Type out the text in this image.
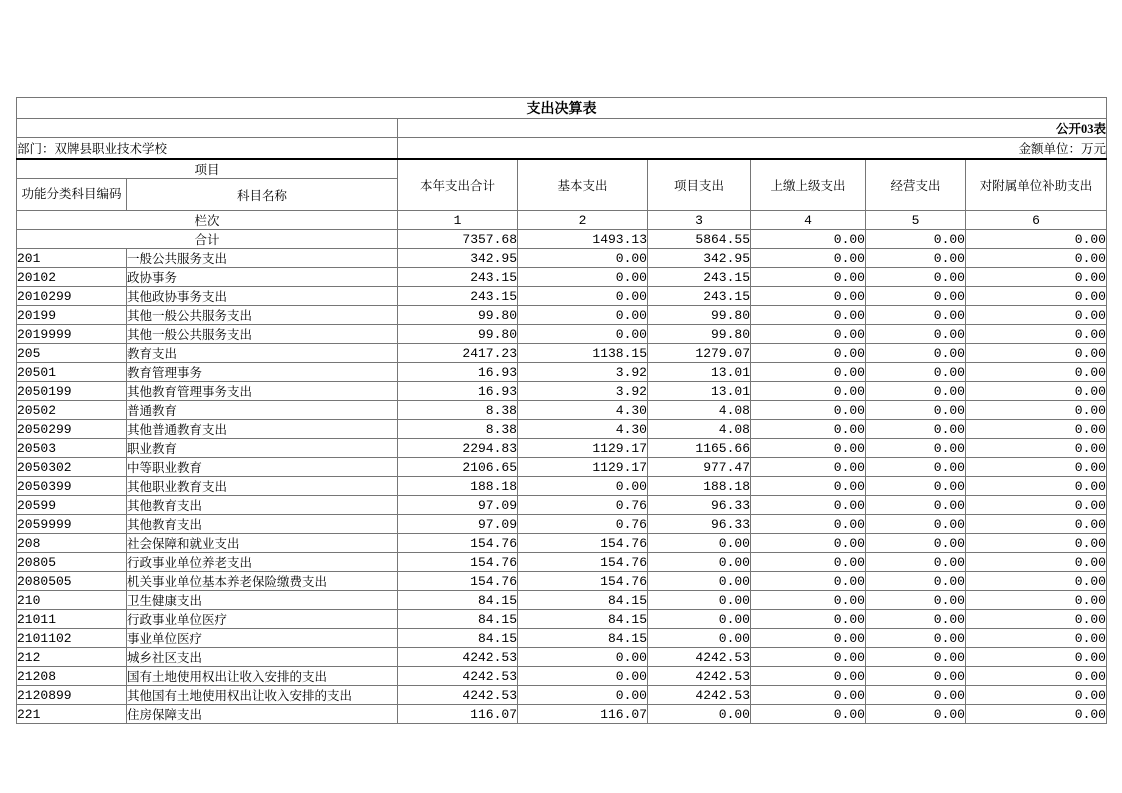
支出决算表							
		公开03表					
部门：双牌县职业技术学校		金额单位：万元					
项目		本年支出合计	基本支出	项目支出	上缴上级支出	经营支出	对附属单位补助支出
功能分类科目编码	科目名称						
栏次		1	2	3	4	5	6
合计		7357.68	1493.13	5864.55	0.00	0.00	0.00
201	一般公共服务支出	342.95	0.00	342.95	0.00	0.00	0.00
20102	政协事务	243.15	0.00	243.15	0.00	0.00	0.00
2010299	其他政协事务支出	243.15	0.00	243.15	0.00	0.00	0.00
20199	其他一般公共服务支出	99.80	0.00	99.80	0.00	0.00	0.00
2019999	其他一般公共服务支出	99.80	0.00	99.80	0.00	0.00	0.00
205	教育支出	2417.23	1138.15	1279.07	0.00	0.00	0.00
20501	教育管理事务	16.93	3.92	13.01	0.00	0.00	0.00
2050199	其他教育管理事务支出	16.93	3.92	13.01	0.00	0.00	0.00
20502	普通教育	8.38	4.30	4.08	0.00	0.00	0.00
2050299	其他普通教育支出	8.38	4.30	4.08	0.00	0.00	0.00
20503	职业教育	2294.83	1129.17	1165.66	0.00	0.00	0.00
2050302	中等职业教育	2106.65	1129.17	977.47	0.00	0.00	0.00
2050399	其他职业教育支出	188.18	0.00	188.18	0.00	0.00	0.00
20599	其他教育支出	97.09	0.76	96.33	0.00	0.00	0.00
2059999	其他教育支出	97.09	0.76	96.33	0.00	0.00	0.00
208	社会保障和就业支出	154.76	154.76	0.00	0.00	0.00	0.00
20805	行政事业单位养老支出	154.76	154.76	0.00	0.00	0.00	0.00
2080505	机关事业单位基本养老保险缴费支出	154.76	154.76	0.00	0.00	0.00	0.00
210	卫生健康支出	84.15	84.15	0.00	0.00	0.00	0.00
21011	行政事业单位医疗	84.15	84.15	0.00	0.00	0.00	0.00
2101102	事业单位医疗	84.15	84.15	0.00	0.00	0.00	0.00
212	城乡社区支出	4242.53	0.00	4242.53	0.00	0.00	0.00
21208	国有土地使用权出让收入安排的支出	4242.53	0.00	4242.53	0.00	0.00	0.00
2120899	其他国有土地使用权出让收入安排的支出	4242.53	0.00	4242.53	0.00	0.00	0.00
221	住房保障支出	116.07	116.07	0.00	0.00	0.00	0.00
